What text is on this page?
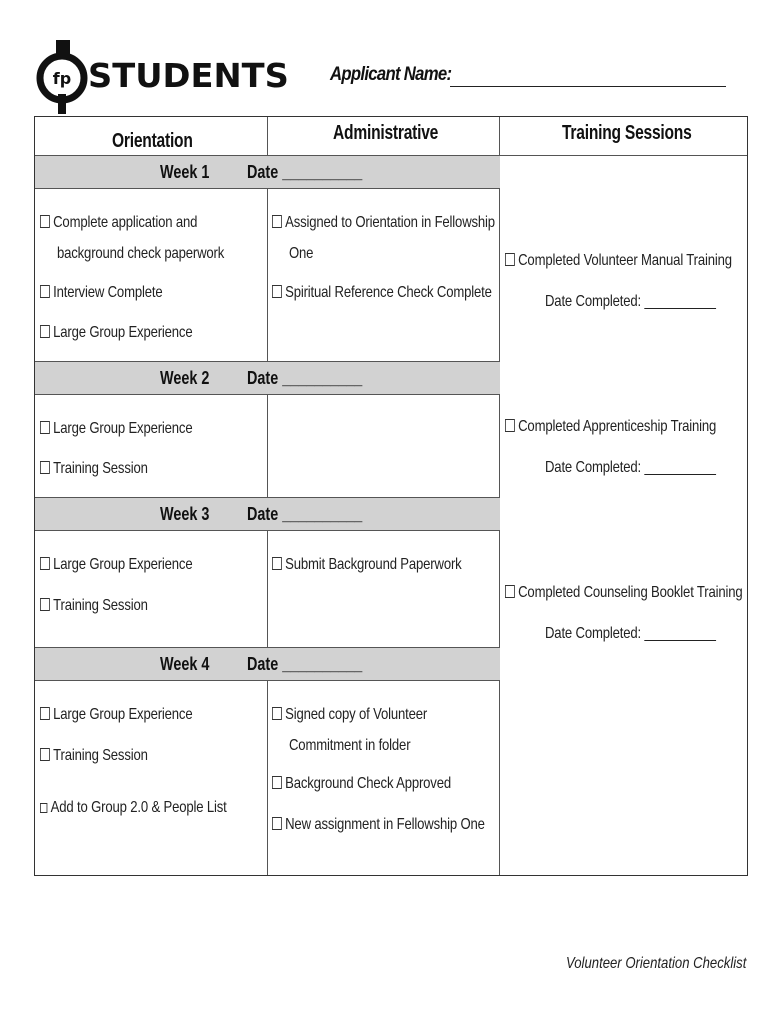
fp STUDENTS Applicant Name:
Orientation	Administrative	Training Sessions
Week 1 Date __________
Week 2 Date __________
Week 3 Date __________
Week 4 Date __________
Complete application and
background check paperwork
Interview Complete
Large Group Experience
Assigned to Orientation in Fellowship
One
Spiritual Reference Check Complete
Large Group Experience
Training Session
Large Group Experience
Training Session
Submit Background Paperwork
Large Group Experience
Training Session
Add to Group 2.0 & People List
Signed copy of Volunteer
Commitment in folder
Background Check Approved
New assignment in Fellowship One
Completed Volunteer Manual Training
Date Completed: __________
Completed Apprenticeship Training
Date Completed: __________
Completed Counseling Booklet Training
Date Completed: __________
Volunteer Orientation Checklist
